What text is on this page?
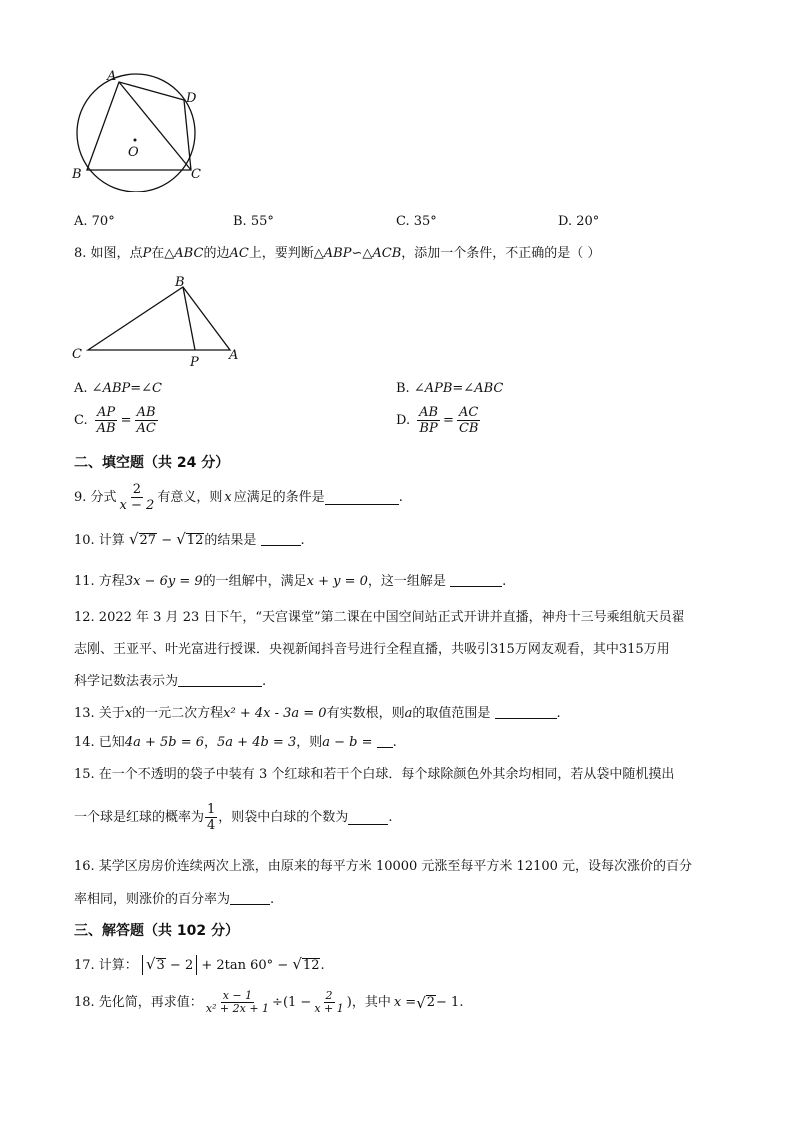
A
D
O
B	C
A. 70°	B. 55°	C. 35°	D. 20°
8. 如图，点P在△ABC的边AC上，要判断△ABP∽△ACB，添加一个条件，不正确的是（ ）
B
C
P A
A. ∠ABP=∠C	B. ∠APB=∠ABC
C. $\frac{AP}{AB} = \frac{AB}{AC}$	D. $\frac{AB}{BP} = \frac{AC}{CB}$
二、填空题（共 24 分）
9. 分式 $\frac{2}{x - 2}$ 有意义，则 x 应满足的条件是	.
10. 计算 √27 − √12的结果是	.
11. 方程3x − 6y = 9的一组解中，满足x + y = 0，这一组解是	.
12. 2022 年 3 月 23 日下午，“天宫课堂”第二课在中国空间站正式开讲并直播，神舟十三号乘组航天员翟
志刚、王亚平、叶光富进行授课．央视新闻抖音号进行全程直播，共吸引315万网友观看，其中315万用
科学记数法表示为	.
13. 关于x的一元二次方程x² + 4x - 3a = 0有实数根，则a的取值范围是	.
14. 已知4a + 5b = 6，5a + 4b = 3，则a − b = .
15. 在一个不透明的袋子中装有 3 个红球和若干个白球．每个球除颜色外其余均相同，若从袋中随机摸出
一个球是红球的概率为 $\frac{1}{4}$ ，则袋中白球的个数为	.
16. 某学区房房价连续两次上涨，由原来的每平方米 10000 元涨至每平方米 12100 元，设每次涨价的百分
率相同，则涨价的百分率为	.
三、解答题（共 102 分）
17. 计算： √3 − 2 + 2tan 60° − √12.
18. 先化简，再求值： $\frac{x - 1}{\text{x² + 2x + 1}} \div(1 - \frac{2}{x + 1}$ ) ，其中 x = √ 2 − 1 .
